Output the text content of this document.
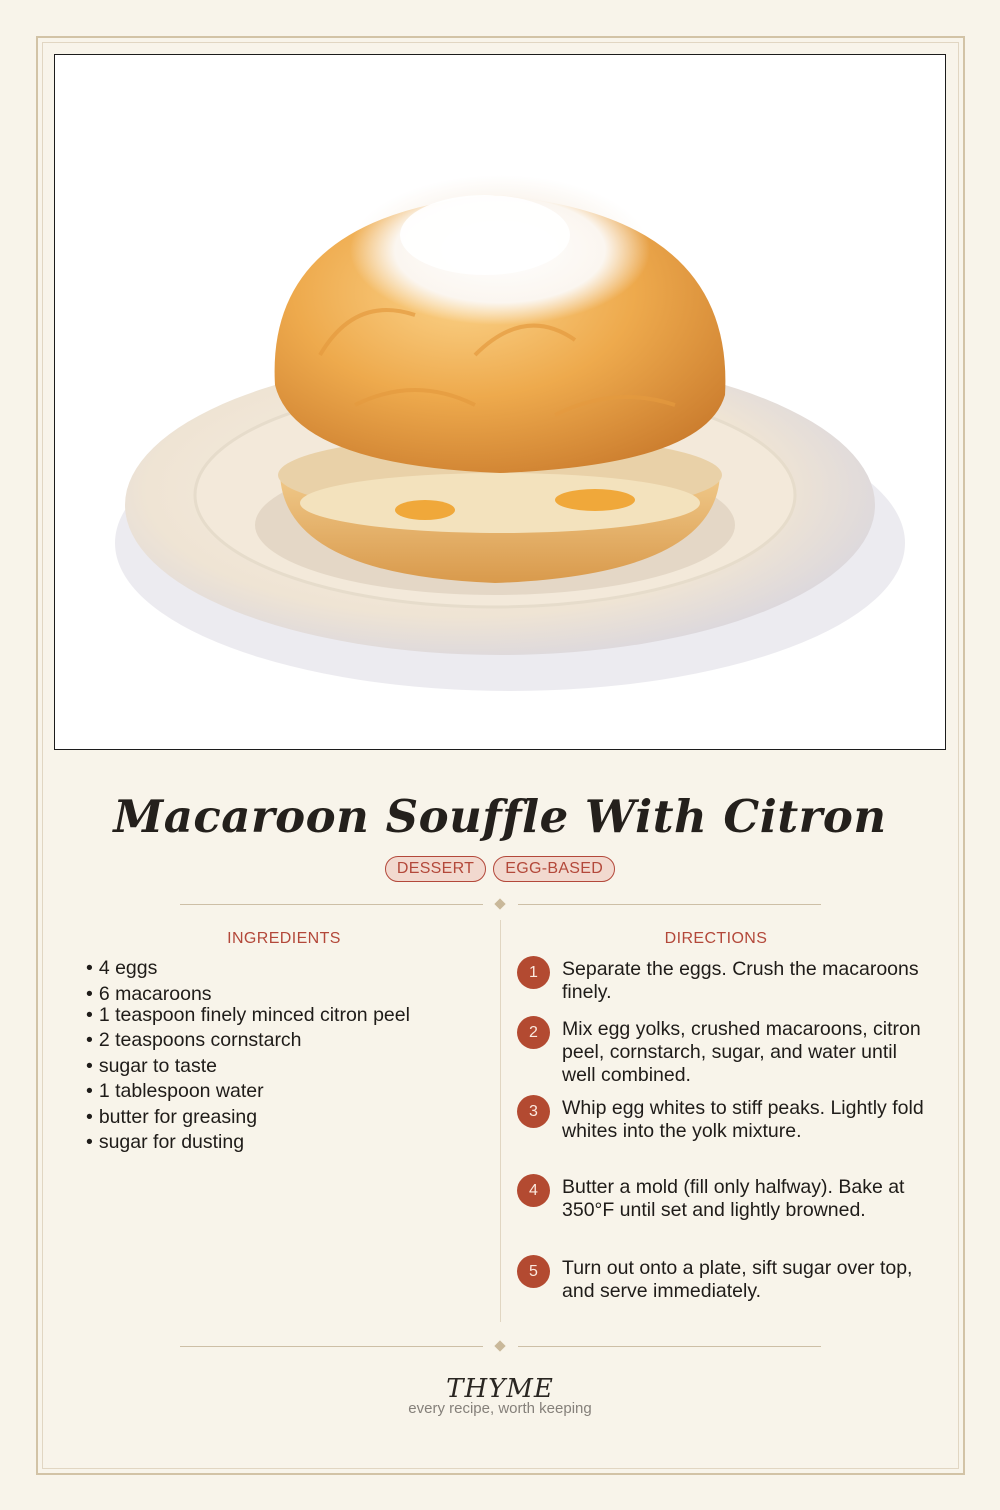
Macaroon Souffle With Citron
DESSERT	EGG-BASED
INGREDIENTS	DIRECTIONS
• 4 eggs
• 6 macaroons
• 1 teaspoon finely minced citron peel
• 2 teaspoons cornstarch
• sugar to taste
• 1 tablespoon water
• butter for greasing
• sugar for dusting
1	Separate the eggs. Crush the macaroons finely.
2	Mix egg yolks, crushed macaroons, citron peel, cornstarch, sugar, and water until well combined.
3	Whip egg whites to stiff peaks. Lightly fold whites into the yolk mixture.
4	Butter a mold (fill only halfway). Bake at 350°F until set and lightly browned.
5	Turn out onto a plate, sift sugar over top, and serve immediately.
THYME
every recipe, worth keeping
